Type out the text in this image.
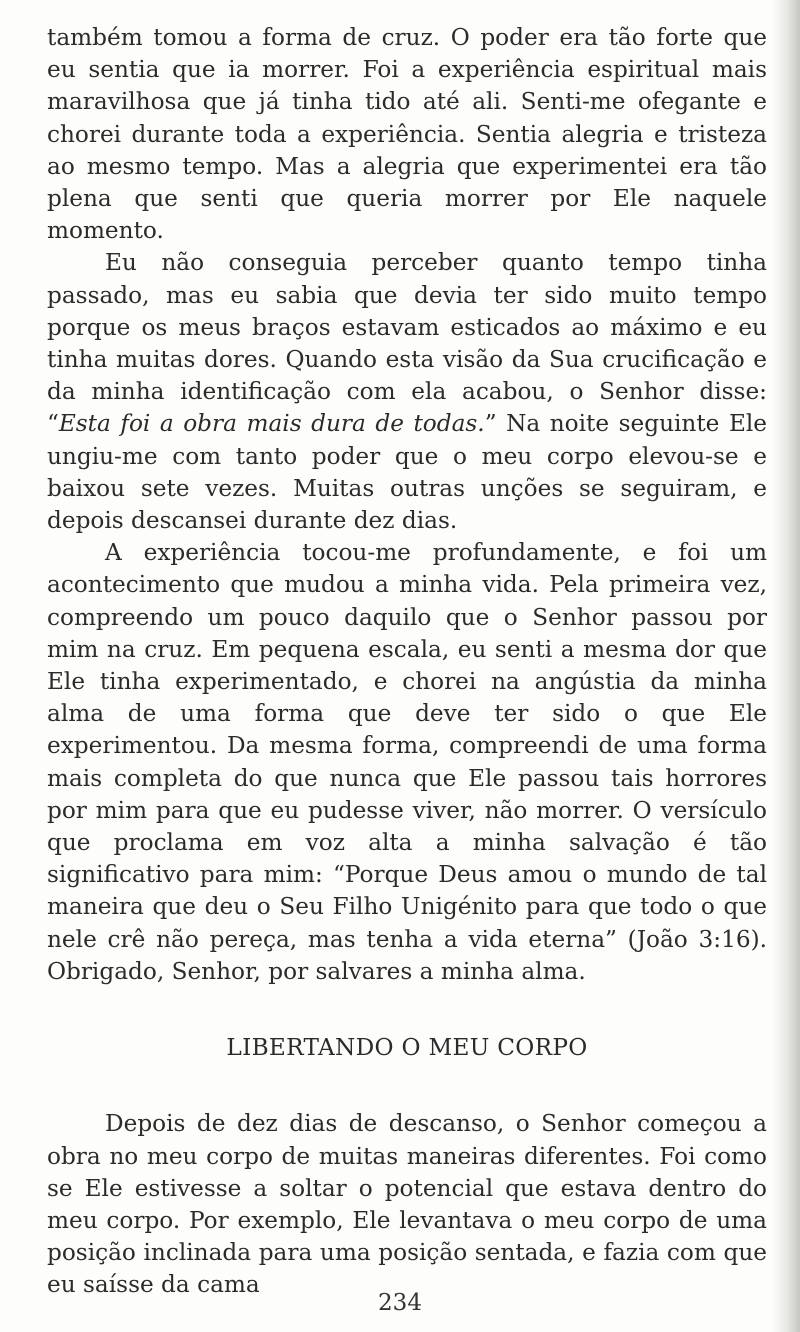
também tomou a forma de cruz. O poder era tão forte que eu sentia que ia morrer. Foi a experiência espiritual mais maravilhosa que já tinha tido até ali. Senti-me ofegante e chorei durante toda a experiência. Sentia alegria e tristeza ao mesmo tempo. Mas a alegria que experimentei era tão plena que senti que queria morrer por Ele naquele momento.

Eu não conseguia perceber quanto tempo tinha passado, mas eu sabia que devia ter sido muito tempo porque os meus braços estavam esticados ao máximo e eu tinha muitas dores. Quando esta visão da Sua crucificação e da minha identificação com ela acabou, o Senhor disse: “Esta foi a obra mais dura de todas.” Na noite seguinte Ele ungiu-me com tanto poder que o meu corpo elevou-se e baixou sete vezes. Muitas outras unções se seguiram, e depois descansei durante dez dias.

A experiência tocou-me profundamente, e foi um acontecimento que mudou a minha vida. Pela primeira vez, compreendo um pouco daquilo que o Senhor passou por mim na cruz. Em pequena escala, eu senti a mesma dor que Ele tinha experimentado, e chorei na angústia da minha alma de uma forma que deve ter sido o que Ele experimentou. Da mesma forma, compreendi de uma forma mais completa do que nunca que Ele passou tais horrores por mim para que eu pudesse viver, não morrer. O versículo que proclama em voz alta a minha salvação é tão significativo para mim: “Porque Deus amou o mundo de tal maneira que deu o Seu Filho Unigénito para que todo o que nele crê não pereça, mas tenha a vida eterna” (João 3:16). Obrigado, Senhor, por salvares a minha alma.

LIBERTANDO O MEU CORPO

Depois de dez dias de descanso, o Senhor começou a obra no meu corpo de muitas maneiras diferentes. Foi como se Ele estivesse a soltar o potencial que estava dentro do meu corpo. Por exemplo, Ele levantava o meu corpo de uma posição inclinada para uma posição sentada, e fazia com que eu saísse da cama

234
